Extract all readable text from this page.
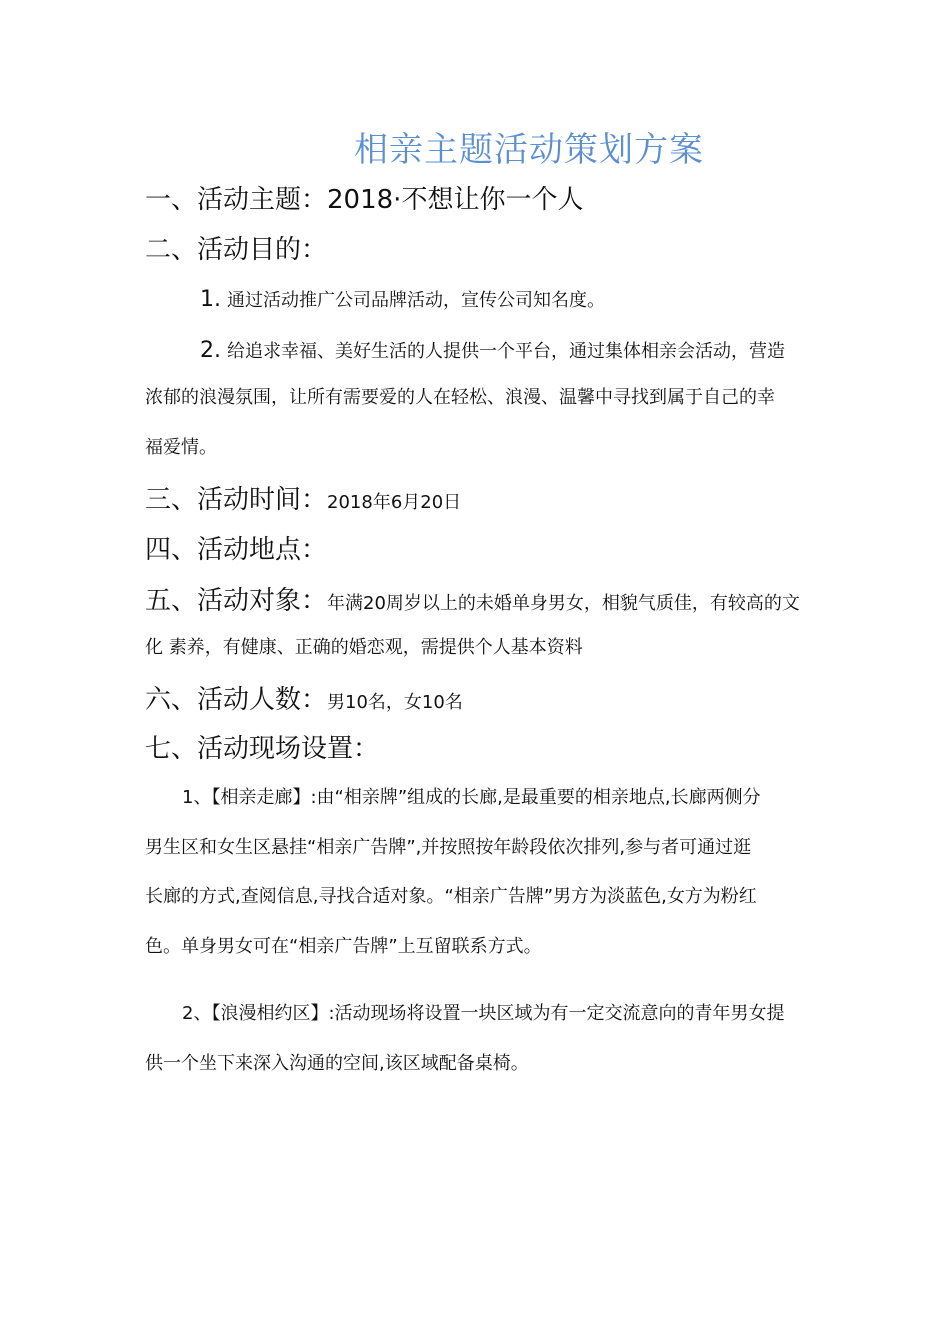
相亲主题活动策划方案
一、活动主题：2018·不想让你一个人
二、活动目的：
1. 通过活动推广公司品牌活动，宣传公司知名度。
2. 给追求幸福、美好生活的人提供一个平台，通过集体相亲会活动，营造
浓郁的浪漫氛围，让所有需要爱的人在轻松、浪漫、温馨中寻找到属于自己的幸
福爱情。
三、活动时间：2018年6月20日
四、活动地点：
五、活动对象：年满20周岁以上的未婚单身男女，相貌气质佳，有较高的文
化 素养，有健康、正确的婚恋观，需提供个人基本资料
六、活动人数：男10名，女10名
七、活动现场设置：
1、【相亲走廊】:由“相亲牌”组成的长廊,是最重要的相亲地点,长廊两侧分
男生区和女生区悬挂“相亲广告牌”,并按照按年龄段依次排列,参与者可通过逛
长廊的方式,查阅信息,寻找合适对象。“相亲广告牌”男方为淡蓝色,女方为粉红
色。单身男女可在“相亲广告牌”上互留联系方式。
2、【浪漫相约区】:活动现场将设置一块区域为有一定交流意向的青年男女提
供一个坐下来深入沟通的空间,该区域配备桌椅。
